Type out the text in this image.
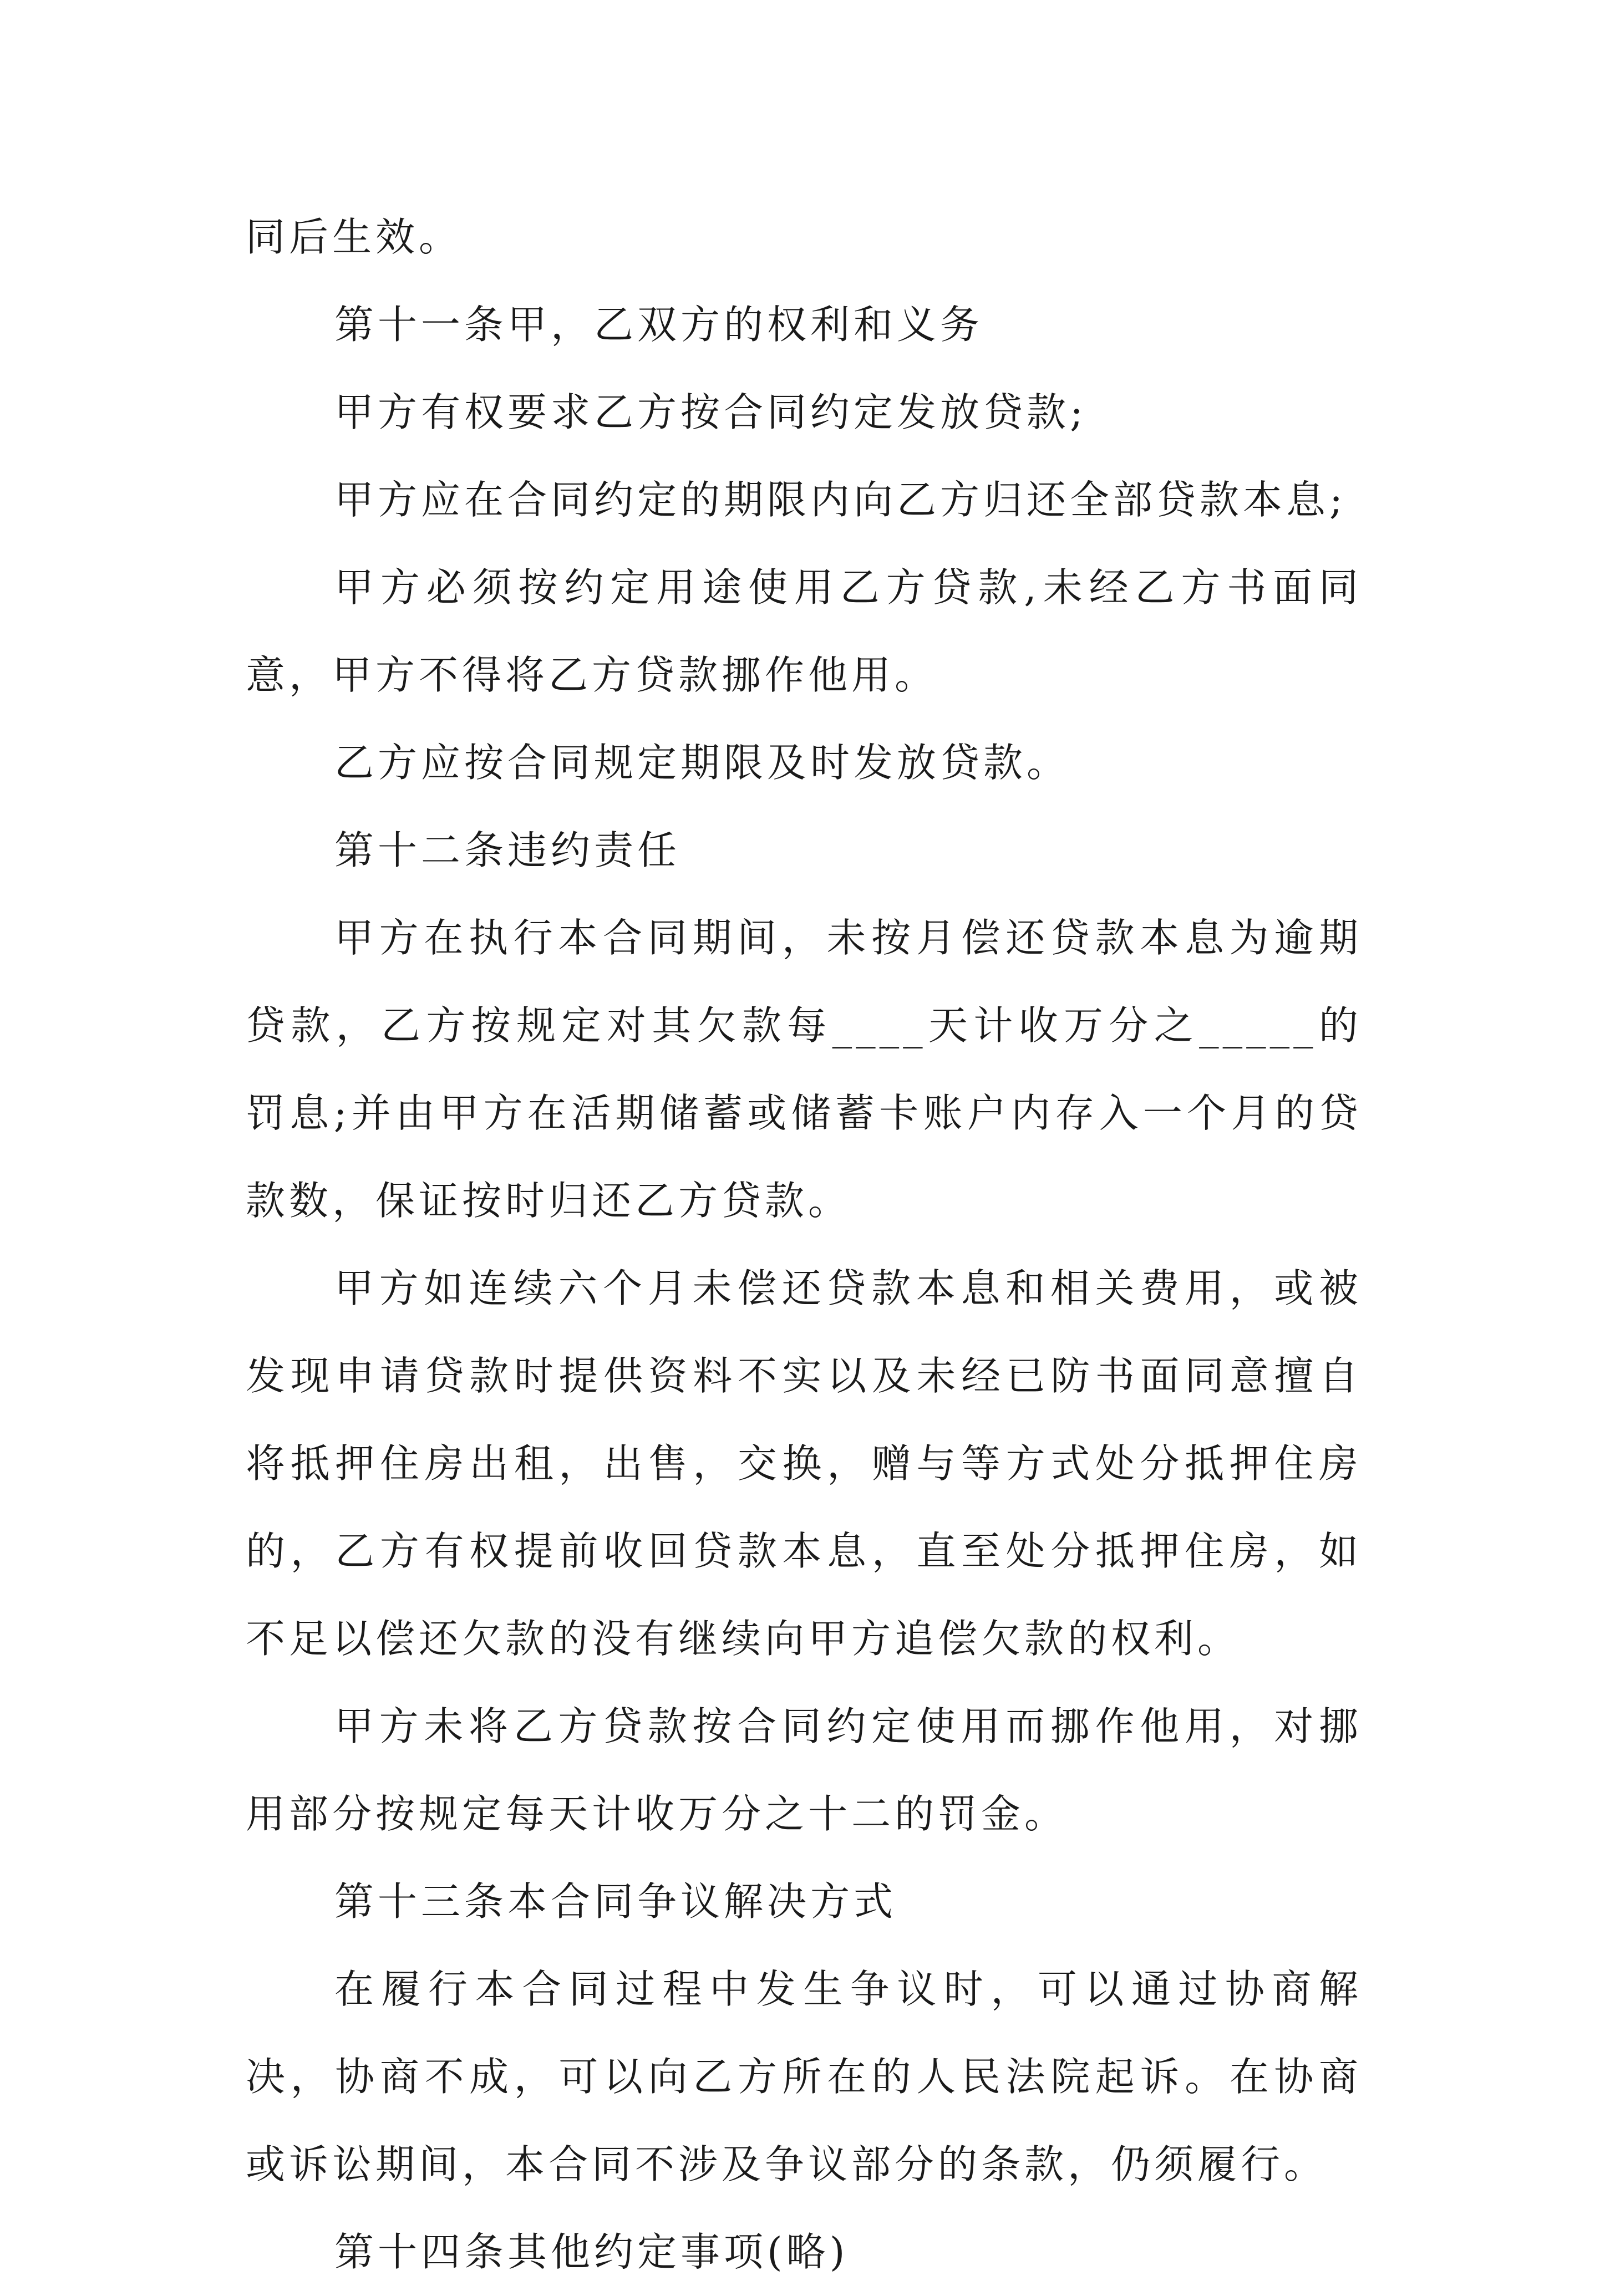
同后生效。

第十一条甲，乙双方的权利和义务

甲方有权要求乙方按合同约定发放贷款;

甲方应在合同约定的期限内向乙方归还全部贷款本息;

甲方必须按约定用途使用乙方贷款,未经乙方书面同意，甲方不得将乙方贷款挪作他用。

乙方应按合同规定期限及时发放贷款。

第十二条违约责任

甲方在执行本合同期间，未按月偿还贷款本息为逾期贷款，乙方按规定对其欠款每____天计收万分之_____的罚息;并由甲方在活期储蓄或储蓄卡账户内存入一个月的贷款数，保证按时归还乙方贷款。

甲方如连续六个月未偿还贷款本息和相关费用，或被发现申请贷款时提供资料不实以及未经已防书面同意擅自将抵押住房出租，出售，交换，赠与等方式处分抵押住房的，乙方有权提前收回贷款本息，直至处分抵押住房，如不足以偿还欠款的没有继续向甲方追偿欠款的权利。

甲方未将乙方贷款按合同约定使用而挪作他用，对挪用部分按规定每天计收万分之十二的罚金。

第十三条本合同争议解决方式

在履行本合同过程中发生争议时，可以通过协商解决，协商不成，可以向乙方所在的人民法院起诉。在协商或诉讼期间，本合同不涉及争议部分的条款，仍须履行。

第十四条其他约定事项(略)
